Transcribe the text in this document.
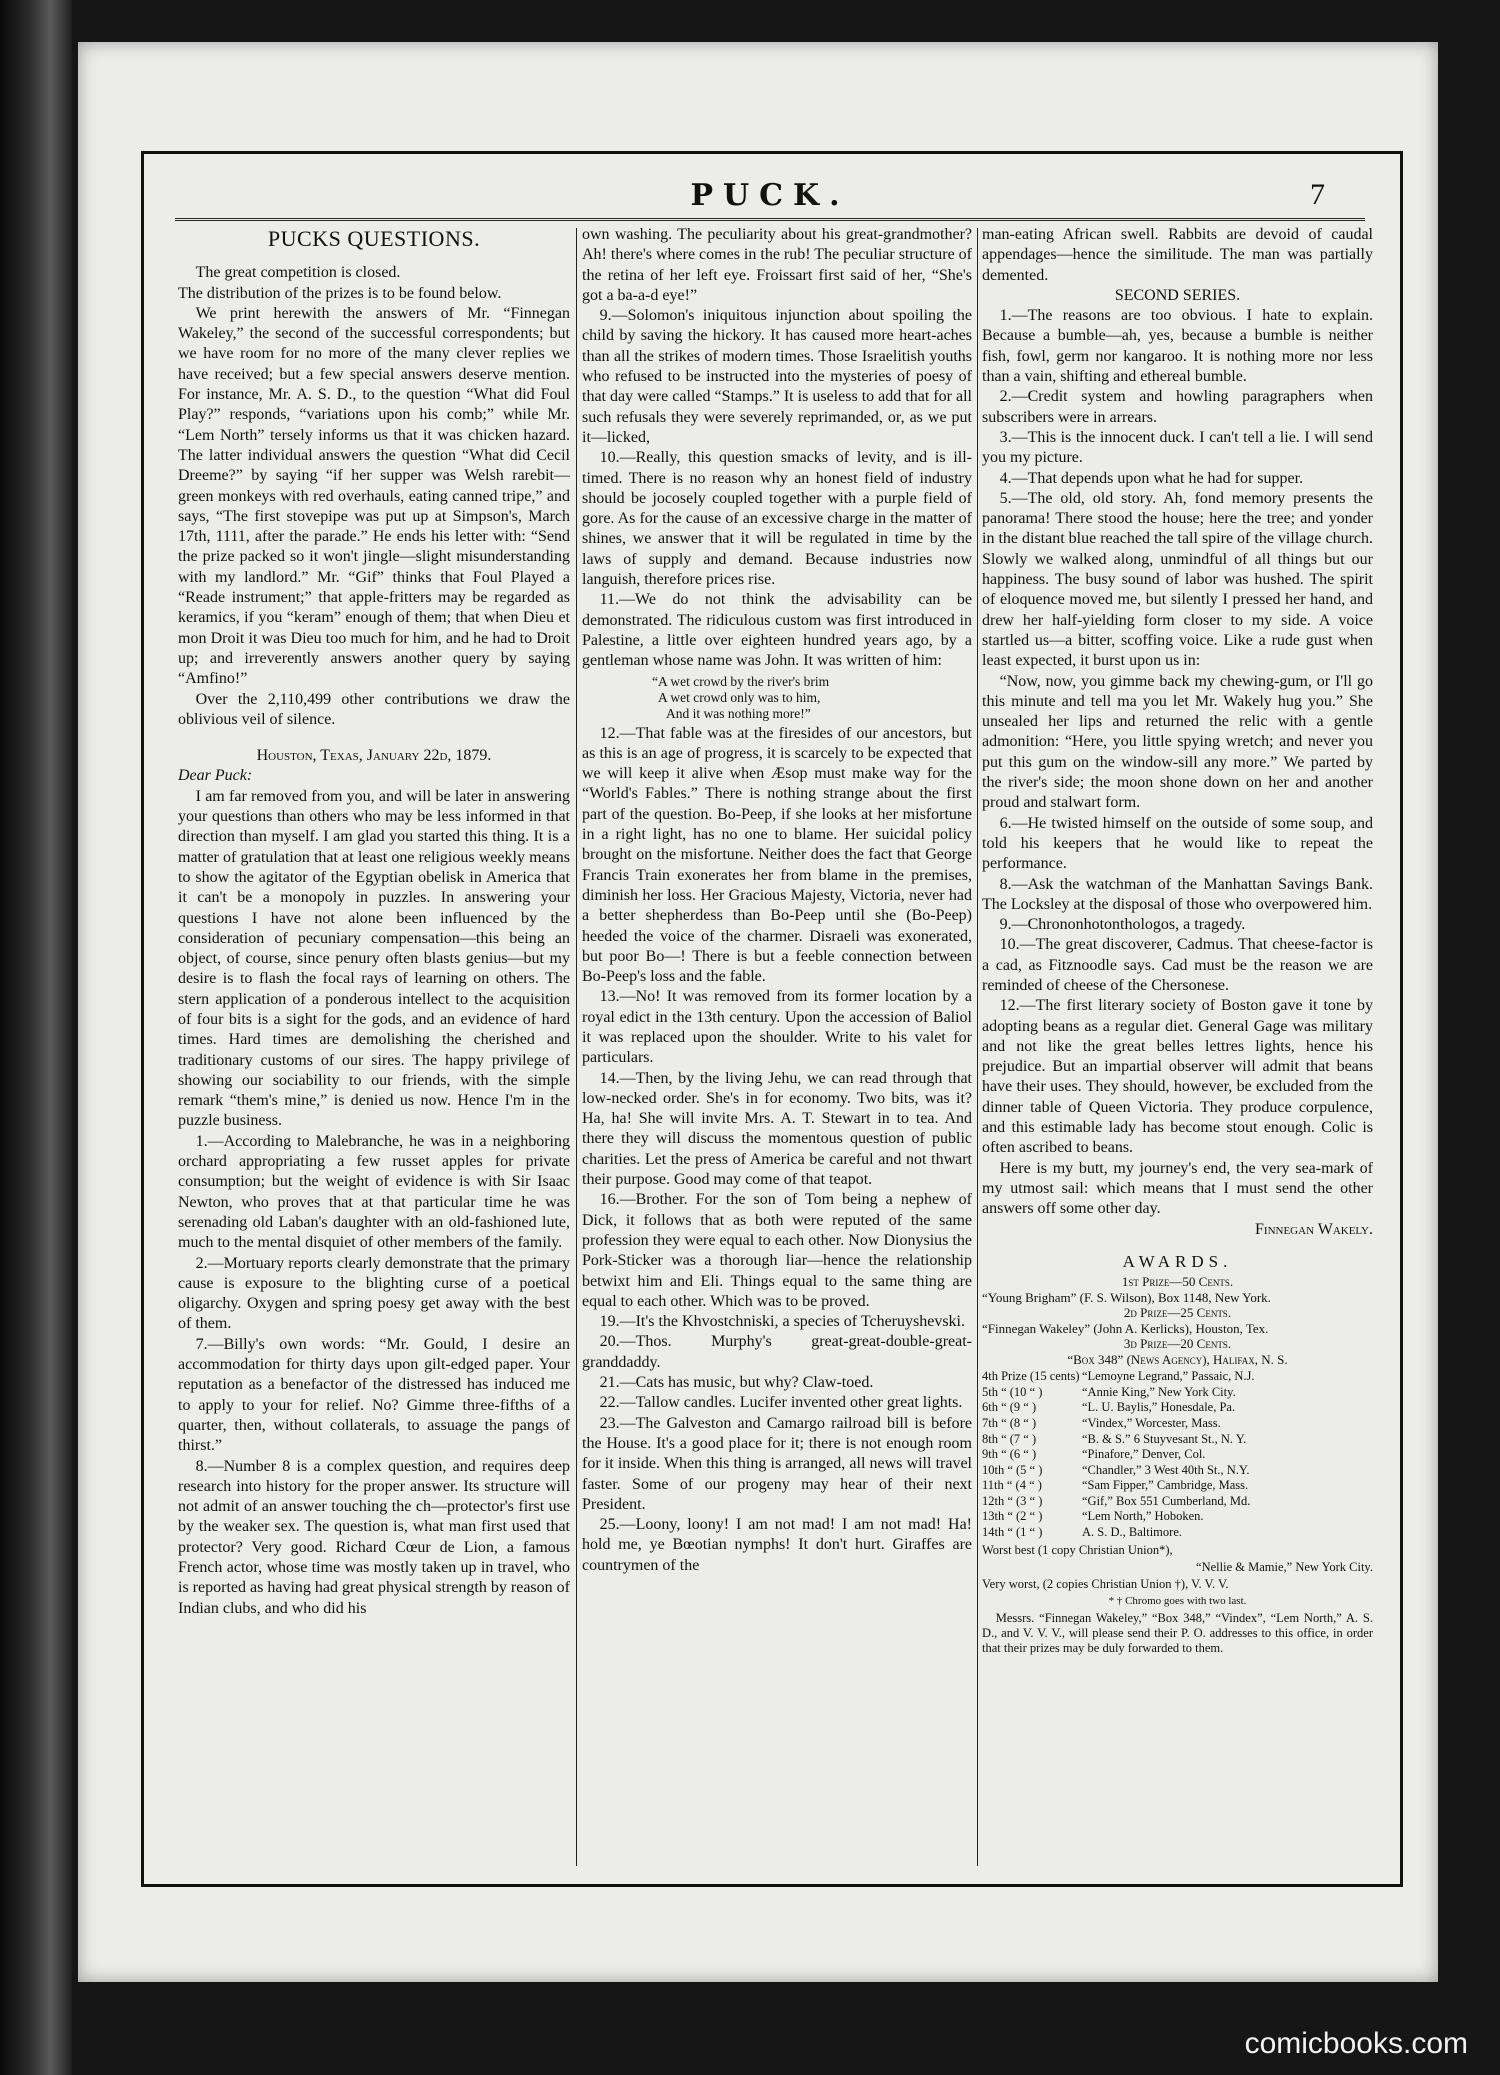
PUCK.	7
PUCKS QUESTIONS.

The great competition is closed.

The distribution of the prizes is to be found below.

We print herewith the answers of Mr. “Finnegan Wakeley,” the second of the successful correspondents; but we have room for no more of the many clever replies we have received; but a few special answers deserve mention. For instance, Mr. A. S. D., to the question “What did Foul Play?” responds, “variations upon his comb;” while Mr. “Lem North” tersely informs us that it was chicken hazard. The latter individual answers the question “What did Cecil Dreeme?” by saying “if her supper was Welsh rarebit—green monkeys with red overhauls, eating canned tripe,” and says, “The first stovepipe was put up at Simpson's, March 17th, 1111, after the parade.” He ends his letter with: “Send the prize packed so it won't jingle—slight misunderstanding with my landlord.” Mr. “Gif” thinks that Foul Played a “Reade instrument;” that apple-fritters may be regarded as keramics, if you “keram” enough of them; that when Dieu et mon Droit it was Dieu too much for him, and he had to Droit up; and irreverently answers another query by saying “Amfino!”

Over the 2,110,499 other contributions we draw the oblivious veil of silence.

Houston, Texas, January 22d, 1879.

Dear Puck:

I am far removed from you, and will be later in answering your questions than others who may be less informed in that direction than myself. I am glad you started this thing. It is a matter of gratulation that at least one religious weekly means to show the agitator of the Egyptian obelisk in America that it can't be a monopoly in puzzles. In answering your questions I have not alone been influenced by the consideration of pecuniary compensation—this being an object, of course, since penury often blasts genius—but my desire is to flash the focal rays of learning on others. The stern application of a ponderous intellect to the acquisition of four bits is a sight for the gods, and an evidence of hard times. Hard times are demolishing the cherished and traditionary customs of our sires. The happy privilege of showing our sociability to our friends, with the simple remark “them's mine,” is denied us now. Hence I'm in the puzzle business.

1.—According to Malebranche, he was in a neighboring orchard appropriating a few russet apples for private consumption; but the weight of evidence is with Sir Isaac Newton, who proves that at that particular time he was serenading old Laban's daughter with an old-fashioned lute, much to the mental disquiet of other members of the family.

2.—Mortuary reports clearly demonstrate that the primary cause is exposure to the blighting curse of a poetical oligarchy. Oxygen and spring poesy get away with the best of them.

7.—Billy's own words: “Mr. Gould, I desire an accommodation for thirty days upon gilt-edged paper. Your reputation as a benefactor of the distressed has induced me to apply to your for relief. No? Gimme three-fifths of a quarter, then, without collaterals, to assuage the pangs of thirst.”

8.—Number 8 is a complex question, and requires deep research into history for the proper answer. Its structure will not admit of an answer touching the ch—protector's first use by the weaker sex. The question is, what man first used that protector? Very good. Richard Cœur de Lion, a famous French actor, whose time was mostly taken up in travel, who is reported as having had great physical strength by reason of Indian clubs, and who did his

own washing. The peculiarity about his great-grandmother? Ah! there's where comes in the rub! The peculiar structure of the retina of her left eye. Froissart first said of her, “She's got a ba-a-d eye!”

9.—Solomon's iniquitous injunction about spoiling the child by saving the hickory. It has caused more heart-aches than all the strikes of modern times. Those Israelitish youths who refused to be instructed into the mysteries of poesy of that day were called “Stamps.” It is useless to add that for all such refusals they were severely reprimanded, or, as we put it—licked,

10.—Really, this question smacks of levity, and is ill-timed. There is no reason why an honest field of industry should be jocosely coupled together with a purple field of gore. As for the cause of an excessive charge in the matter of shines, we answer that it will be regulated in time by the laws of supply and demand. Because industries now languish, therefore prices rise.

11.—We do not think the advisability can be demonstrated. The ridiculous custom was first introduced in Palestine, a little over eighteen hundred years ago, by a gentleman whose name was John. It was written of him:

“A wet crowd by the river's brim
A wet crowd only was to him,
And it was nothing more!”

12.—That fable was at the firesides of our ancestors, but as this is an age of progress, it is scarcely to be expected that we will keep it alive when Æsop must make way for the “World's Fables.” There is nothing strange about the first part of the question. Bo-Peep, if she looks at her misfortune in a right light, has no one to blame. Her suicidal policy brought on the misfortune. Neither does the fact that George Francis Train exonerates her from blame in the premises, diminish her loss. Her Gracious Majesty, Victoria, never had a better shepherdess than Bo-Peep until she (Bo-Peep) heeded the voice of the charmer. Disraeli was exonerated, but poor Bo—! There is but a feeble connection between Bo-Peep's loss and the fable.

13.—No! It was removed from its former location by a royal edict in the 13th century. Upon the accession of Baliol it was replaced upon the shoulder. Write to his valet for particulars.

14.—Then, by the living Jehu, we can read through that low-necked order. She's in for economy. Two bits, was it? Ha, ha! She will invite Mrs. A. T. Stewart in to tea. And there they will discuss the momentous question of public charities. Let the press of America be careful and not thwart their purpose. Good may come of that teapot.

16.—Brother. For the son of Tom being a nephew of Dick, it follows that as both were reputed of the same profession they were equal to each other. Now Dionysius the Pork-Sticker was a thorough liar—hence the relationship betwixt him and Eli. Things equal to the same thing are equal to each other. Which was to be proved.

19.—It's the Khvostchniski, a species of Tcheruyshevski.

20.—Thos. Murphy's great-great-double-great-granddaddy.

21.—Cats has music, but why? Claw-toed.

22.—Tallow candles. Lucifer invented other great lights.

23.—The Galveston and Camargo railroad bill is before the House. It's a good place for it; there is not enough room for it inside. When this thing is arranged, all news will travel faster. Some of our progeny may hear of their next President.

25.—Loony, loony! I am not mad! I am not mad! Ha! hold me, ye Bœotian nymphs! It don't hurt. Giraffes are countrymen of the

man-eating African swell. Rabbits are devoid of caudal appendages—hence the similitude. The man was partially demented.

SECOND SERIES.

1.—The reasons are too obvious. I hate to explain. Because a bumble—ah, yes, because a bumble is neither fish, fowl, germ nor kangaroo. It is nothing more nor less than a vain, shifting and ethereal bumble.

2.—Credit system and howling paragraphers when subscribers were in arrears.

3.—This is the innocent duck. I can't tell a lie. I will send you my picture.

4.—That depends upon what he had for supper.

5.—The old, old story. Ah, fond memory presents the panorama! There stood the house; here the tree; and yonder in the distant blue reached the tall spire of the village church. Slowly we walked along, unmindful of all things but our happiness. The busy sound of labor was hushed. The spirit of eloquence moved me, but silently I pressed her hand, and drew her half-yielding form closer to my side. A voice startled us—a bitter, scoffing voice. Like a rude gust when least expected, it burst upon us in:

“Now, now, you gimme back my chewing-gum, or I'll go this minute and tell ma you let Mr. Wakely hug you.” She unsealed her lips and returned the relic with a gentle admonition: “Here, you little spying wretch; and never you put this gum on the window-sill any more.” We parted by the river's side; the moon shone down on her and another proud and stalwart form.

6.—He twisted himself on the outside of some soup, and told his keepers that he would like to repeat the performance.

8.—Ask the watchman of the Manhattan Savings Bank. The Locksley at the disposal of those who overpowered him.

9.—Chrononhotonthologos, a tragedy.

10.—The great discoverer, Cadmus. That cheese-factor is a cad, as Fitznoodle says. Cad must be the reason we are reminded of cheese of the Chersonese.

12.—The first literary society of Boston gave it tone by adopting beans as a regular diet. General Gage was military and not like the great belles lettres lights, hence his prejudice. But an impartial observer will admit that beans have their uses. They should, however, be excluded from the dinner table of Queen Victoria. They produce corpulence, and this estimable lady has become stout enough. Colic is often ascribed to beans.

Here is my butt, my journey's end, the very sea-mark of my utmost sail: which means that I must send the other answers off some other day.

Finnegan Wakely.

AWARDS.
1st Prize—50 Cents.
“Young Brigham” (F. S. Wilson), Box 1148, New York.
2d Prize—25 Cents.
“Finnegan Wakeley” (John A. Kerlicks), Houston, Tex.
3d Prize—20 Cents.
“Box 348” (News Agency), Halifax, N. S.
4th Prize (15 cents) “Lemoyne Legrand,” Passaic, N.J.
5th “ (10 “ )	“Annie King,” New York City.
6th “ (9 “ )	“L. U. Baylis,” Honesdale, Pa.
7th “ (8 “ )	“Vindex,” Worcester, Mass.
8th “ (7 “ )	“B. & S.” 6 Stuyvesant St., N. Y.
9th “ (6 “ )	“Pinafore,” Denver, Col.
10th “ (5 “ )	“Chandler,” 3 West 40th St., N.Y.
11th “ (4 “ )	“Sam Fipper,” Cambridge, Mass.
12th “ (3 “ )	“Gif,” Box 551 Cumberland, Md.
13th “ (2 “ )	“Lem North,” Hoboken.
14th “ (1 “ )	A. S. D., Baltimore.
Worst best (1 copy Christian Union*),
“Nellie & Mamie,” New York City.
Very worst, (2 copies Christian Union †), V. V. V.
* † Chromo goes with two last.
Messrs. “Finnegan Wakeley,” “Box 348,” “Vindex”, “Lem North,” A. S. D., and V. V. V., will please send their P. O. addresses to this office, in order that their prizes may be duly forwarded to them.
comicbooks.com
